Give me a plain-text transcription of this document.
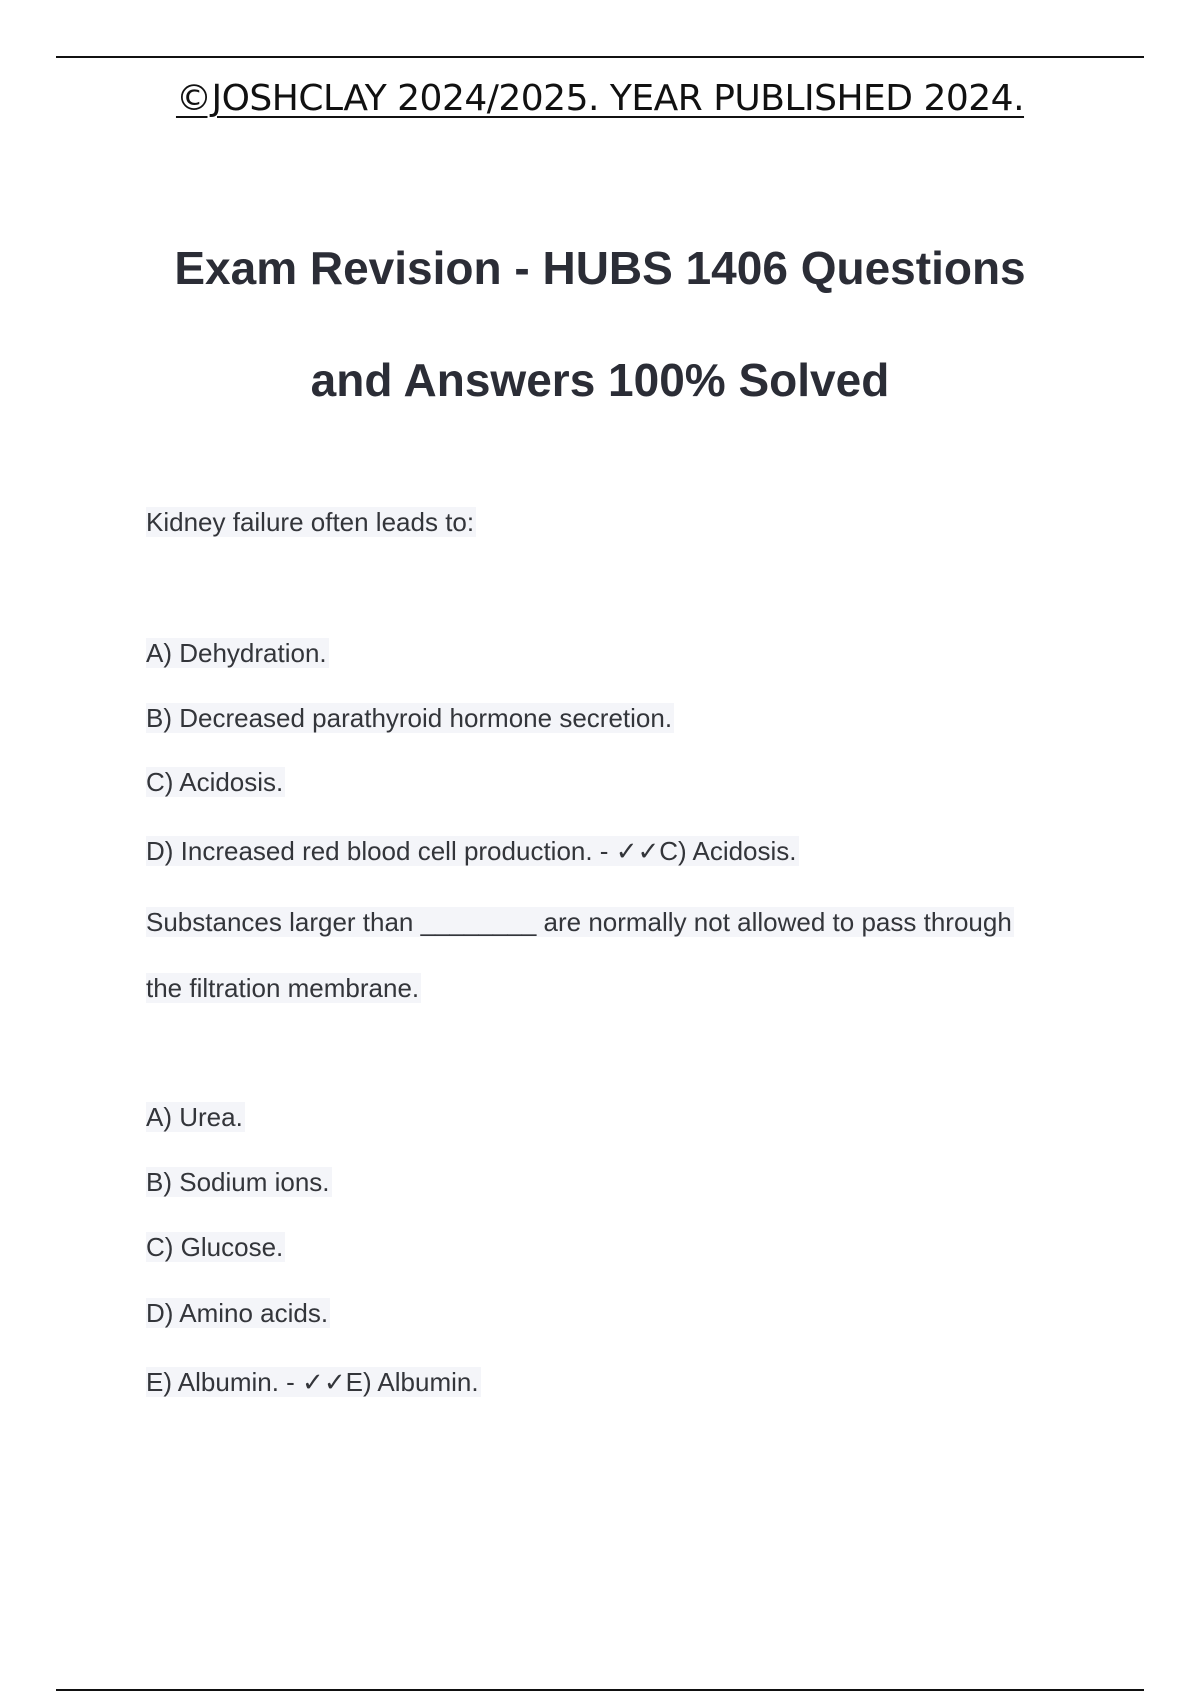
©JOSHCLAY 2024/2025. YEAR PUBLISHED 2024.
Exam Revision - HUBS 1406 Questions
and Answers 100% Solved
Kidney failure often leads to:
A) Dehydration.
B) Decreased parathyroid hormone secretion.
C) Acidosis.
D) Increased red blood cell production. - ✓✓C) Acidosis.
Substances larger than ________ are normally not allowed to pass through
the filtration membrane.
A) Urea.
B) Sodium ions.
C) Glucose.
D) Amino acids.
E) Albumin. - ✓✓E) Albumin.
